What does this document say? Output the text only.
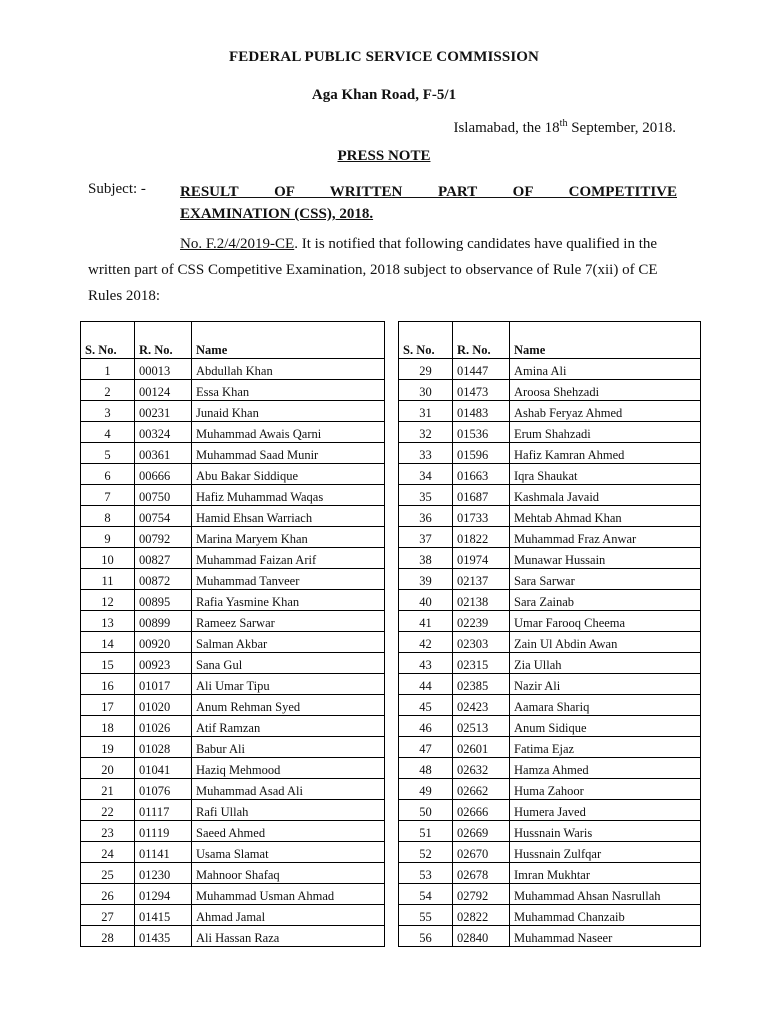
FEDERAL PUBLIC SERVICE COMMISSION
Aga Khan Road, F-5/1
Islamabad, the 18th September, 2018.
PRESS NOTE
Subject: - RESULT OF WRITTEN PART OF COMPETITIVE
EXAMINATION (CSS), 2018.
No. F.2/4/2019-CE. It is notified that following candidates have qualified in the written part of CSS Competitive Examination, 2018 subject to observance of Rule 7(xii) of CE Rules 2018:
S. No.	R. No.	Name
1	00013	Abdullah Khan
2	00124	Essa Khan
3	00231	Junaid Khan
4	00324	Muhammad Awais Qarni
5	00361	Muhammad Saad Munir
6	00666	Abu Bakar Siddique
7	00750	Hafiz Muhammad Waqas
8	00754	Hamid Ehsan Warriach
9	00792	Marina Maryem Khan
10	00827	Muhammad Faizan Arif
11	00872	Muhammad Tanveer
12	00895	Rafia Yasmine Khan
13	00899	Rameez Sarwar
14	00920	Salman Akbar
15	00923	Sana Gul
16	01017	Ali Umar Tipu
17	01020	Anum Rehman Syed
18	01026	Atif Ramzan
19	01028	Babur Ali
20	01041	Haziq Mehmood
21	01076	Muhammad Asad Ali
22	01117	Rafi Ullah
23	01119	Saeed Ahmed
24	01141	Usama Slamat
25	01230	Mahnoor Shafaq
26	01294	Muhammad Usman Ahmad
27	01415	Ahmad Jamal
28	01435	Ali Hassan Raza
S. No.	R. No.	Name
29	01447	Amina Ali
30	01473	Aroosa Shehzadi
31	01483	Ashab Feryaz Ahmed
32	01536	Erum Shahzadi
33	01596	Hafiz Kamran Ahmed
34	01663	Iqra Shaukat
35	01687	Kashmala Javaid
36	01733	Mehtab Ahmad Khan
37	01822	Muhammad Fraz Anwar
38	01974	Munawar Hussain
39	02137	Sara Sarwar
40	02138	Sara Zainab
41	02239	Umar Farooq Cheema
42	02303	Zain Ul Abdin Awan
43	02315	Zia Ullah
44	02385	Nazir Ali
45	02423	Aamara Shariq
46	02513	Anum Sidique
47	02601	Fatima Ejaz
48	02632	Hamza Ahmed
49	02662	Huma Zahoor
50	02666	Humera Javed
51	02669	Hussnain Waris
52	02670	Hussnain Zulfqar
53	02678	Imran Mukhtar
54	02792	Muhammad Ahsan Nasrullah
55	02822	Muhammad Chanzaib
56	02840	Muhammad Naseer
